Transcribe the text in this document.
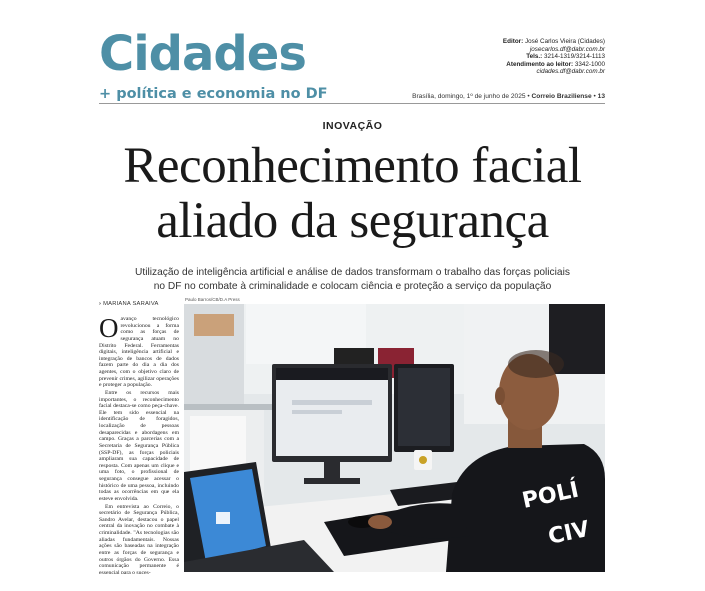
Cidades
+ política e economia no DF
Editor: José Carlos Vieira (Cidades)
josecarlos.df@dabr.com.br
Tels.: 3214-1319/3214-1113
Atendimento ao leitor: 3342-1000
cidades.df@dabr.com.br
Brasília, domingo, 1º de junho de 2025 • Correio Braziliense • 13
INOVAÇÃO
Reconhecimento facial
aliado da segurança
Utilização de inteligência artificial e análise de dados transformam o trabalho das forças policiais
no DF no combate à criminalidade e colocam ciência e proteção a serviço da população
› MARIANA SARAIVA
Paulo Barros/CB/D.A Press

Oavanço tecnológico revolucionou a forma como as forças de segurança atuam no Distrito Federal. Ferramentas digitais, inteligência artificial e integração de bancos de dados fazem parte do dia a dia dos agentes, com o objetivo claro de prevenir crimes, agilizar operações e proteger a população.

Entre os recursos mais importantes, o reconhecimento facial destaca-se como peça-chave. Ele tem sido essencial na identificação de foragidos, localização de pessoas desaparecidas e abordagens em campo. Graças a parcerias com a Secretaria de Segurança Pública (SSP-DF), as forças policiais ampliaram sua capacidade de resposta. Com apenas um clique e uma foto, o profissional de segurança consegue acessar o histórico de uma pessoa, incluindo todas as ocorrências em que ela esteve envolvida.

Em entrevista ao Correio, o secretário de Segurança Pública, Sandro Avelar, destacou o papel central da inovação no combate à criminalidade. "As tecnologias são aliadas fundamentais. Nossas ações são baseadas na integração entre as forças de segurança e outros órgãos do Governo. Essa comunicação permanente é essencial para o suces-

POLÍ
CIV
